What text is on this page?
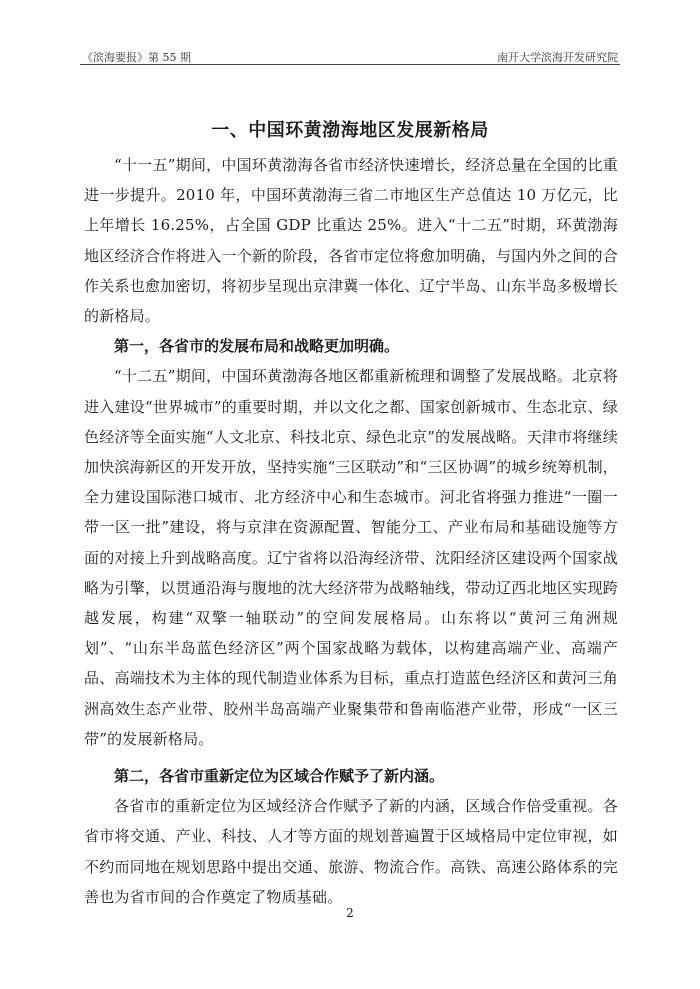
《滨海要报》第 55 期	南开大学滨海开发研究院
一、中国环黄渤海地区发展新格局

“十一五”期间，中国环黄渤海各省市经济快速增长，经济总量在全国的比重进一步提升。2010 年，中国环黄渤海三省二市地区生产总值达 10 万亿元，比上年增长 16.25%，占全国 GDP 比重达 25%。进入“十二五”时期，环黄渤海地区经济合作将进入一个新的阶段，各省市定位将愈加明确，与国内外之间的合作关系也愈加密切，将初步呈现出京津冀一体化、辽宁半岛、山东半岛多极增长的新格局。

第一，各省市的发展布局和战略更加明确。

“十二五”期间，中国环黄渤海各地区都重新梳理和调整了发展战略。北京将进入建设“世界城市”的重要时期，并以文化之都、国家创新城市、生态北京、绿色经济等全面实施“人文北京、科技北京、绿色北京”的发展战略。天津市将继续加快滨海新区的开发开放，坚持实施“三区联动”和“三区协调”的城乡统筹机制，全力建设国际港口城市、北方经济中心和生态城市。河北省将强力推进“一圈一带一区一批”建设，将与京津在资源配置、智能分工、产业布局和基础设施等方面的对接上升到战略高度。辽宁省将以沿海经济带、沈阳经济区建设两个国家战略为引擎，以贯通沿海与腹地的沈大经济带为战略轴线，带动辽西北地区实现跨越发展，构建“双擎一轴联动”的空间发展格局。山东将以“黄河三角洲规划”、“山东半岛蓝色经济区”两个国家战略为载体，以构建高端产业、高端产品、高端技术为主体的现代制造业体系为目标，重点打造蓝色经济区和黄河三角洲高效生态产业带、胶州半岛高端产业聚集带和鲁南临港产业带，形成“一区三带”的发展新格局。

第二，各省市重新定位为区域合作赋予了新内涵。

各省市的重新定位为区域经济合作赋予了新的内涵，区域合作倍受重视。各省市将交通、产业、科技、人才等方面的规划普遍置于区域格局中定位审视，如不约而同地在规划思路中提出交通、旅游、物流合作。高铁、高速公路体系的完善也为省市间的合作奠定了物质基础。

2
